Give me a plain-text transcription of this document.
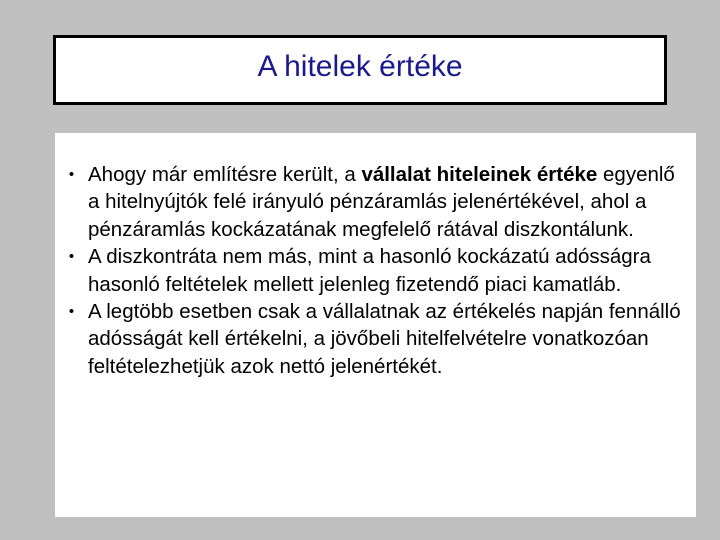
A hitelek értéke
• Ahogy már említésre került, a vállalat hiteleinek értéke egyenlő a hitelnyújtók felé irányuló pénzáramlás jelenértékével, ahol a pénzáramlás kockázatának megfelelő rátával diszkontálunk.
• A diszkontráta nem más, mint a hasonló kockázatú adósságra hasonló feltételek mellett jelenleg fizetendő piaci kamatláb.
• A legtöbb esetben csak a vállalatnak az értékelés napján fennálló adósságát kell értékelni, a jövőbeli hitelfelvételre vonatkozóan feltételezhetjük azok nettó jelenértékét.
